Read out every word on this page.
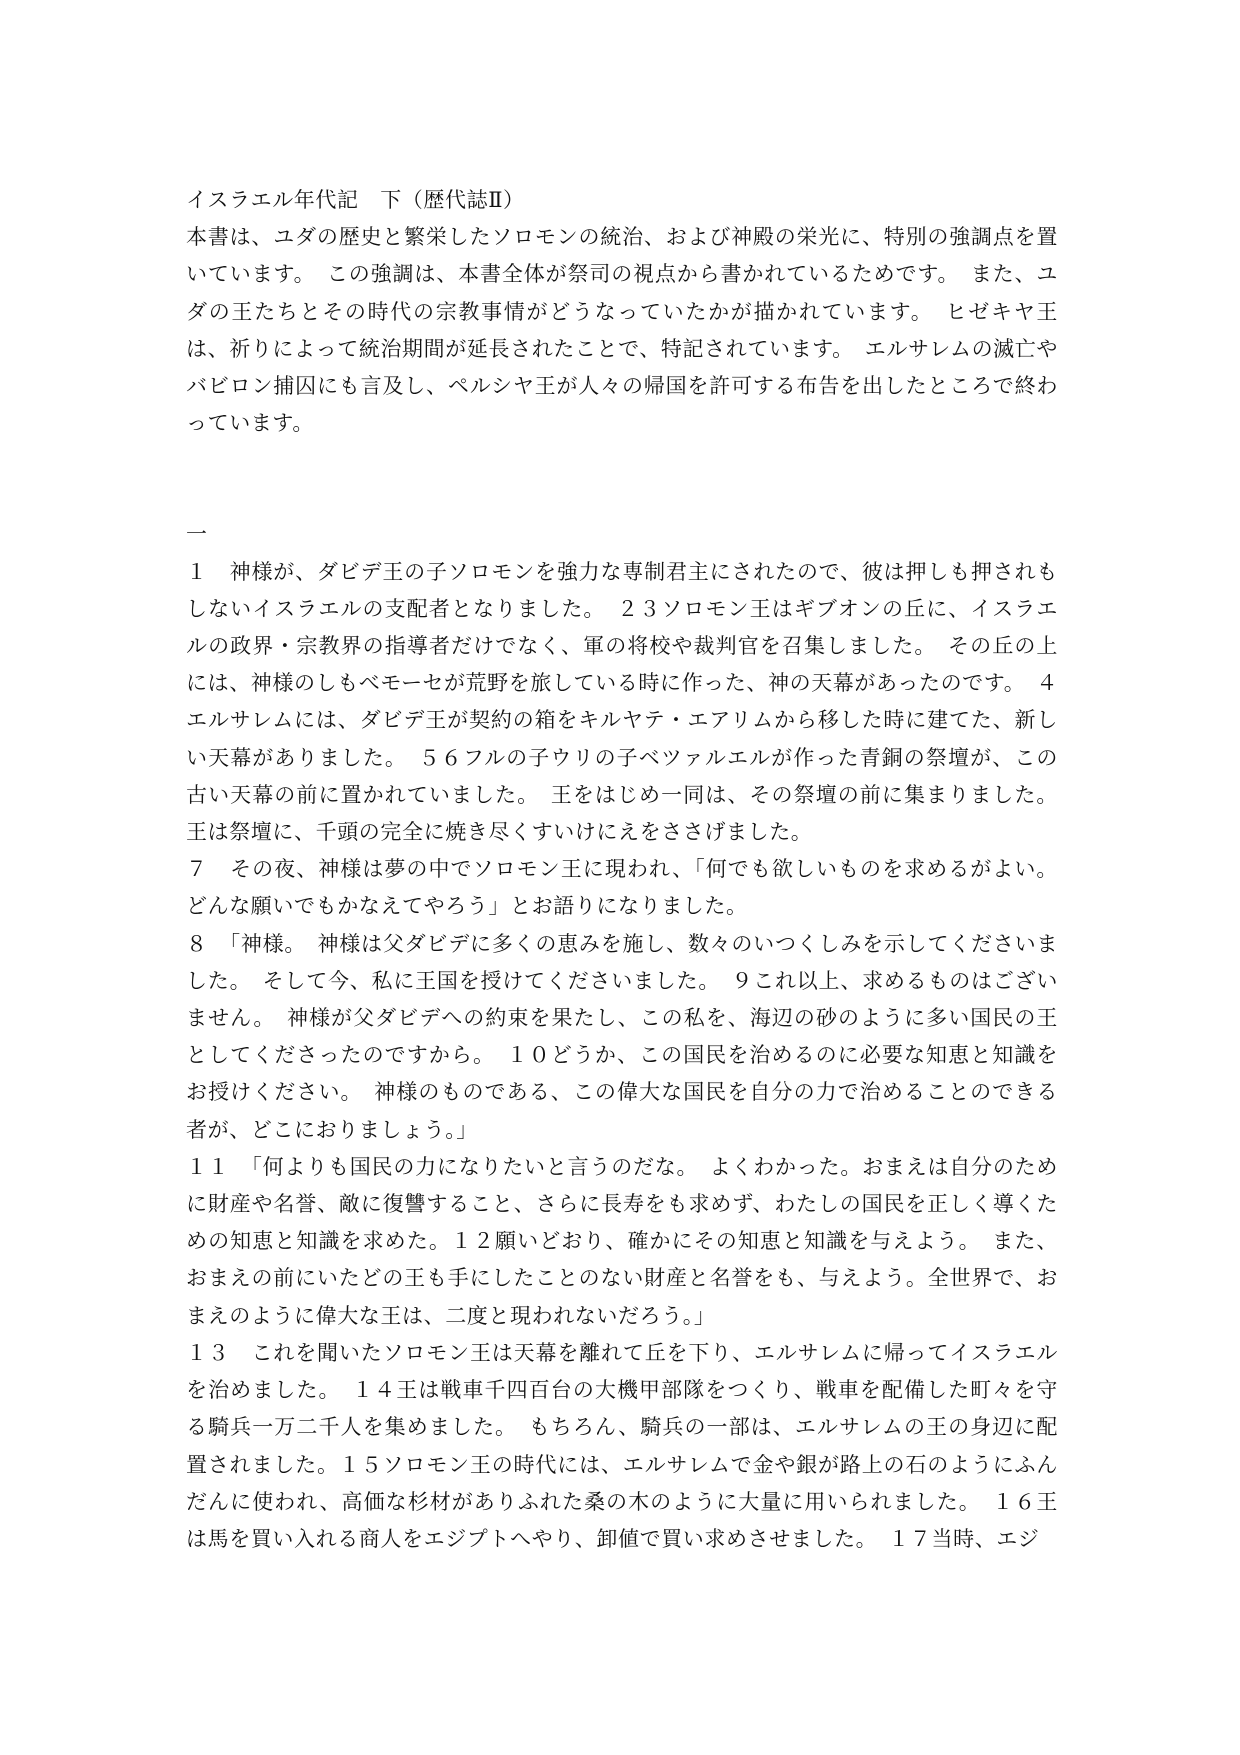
イスラエル年代記　下（歴代誌Ⅱ）

本書は、ユダの歴史と繁栄したソロモンの統治、および神殿の栄光に、特別の強調点を置いています。　この強調は、本書全体が祭司の視点から書かれているためです。　また、ユダの王たちとその時代の宗教事情がどうなっていたかが描かれています。　ヒゼキヤ王は、祈りによって統治期間が延長されたことで、特記されています。　エルサレムの滅亡やバビロン捕囚にも言及し、ペルシヤ王が人々の帰国を許可する布告を出したところで終わっています。

一

１　神様が、ダビデ王の子ソロモンを強力な専制君主にされたので、彼は押しも押されもしないイスラエルの支配者となりました。　２３ソロモン王はギブオンの丘に、イスラエルの政界・宗教界の指導者だけでなく、軍の将校や裁判官を召集しました。　その丘の上には、神様のしもべモーセが荒野を旅している時に作った、神の天幕があったのです。　４エルサレムには、ダビデ王が契約の箱をキルヤテ・エアリムから移した時に建てた、新しい天幕がありました。　５６フルの子ウリの子ベツァルエルが作った青銅の祭壇が、この古い天幕の前に置かれていました。　王をはじめ一同は、その祭壇の前に集まりました。王は祭壇に、千頭の完全に焼き尽くすいけにえをささげました。

７　その夜、神様は夢の中でソロモン王に現われ、「何でも欲しいものを求めるがよい。どんな願いでもかなえてやろう」とお語りになりました。

８　「神様。　神様は父ダビデに多くの恵みを施し、数々のいつくしみを示してくださいました。　そして今、私に王国を授けてくださいました。　９これ以上、求めるものはございません。　神様が父ダビデへの約束を果たし、この私を、海辺の砂のように多い国民の王としてくださったのですから。　１０どうか、この国民を治めるのに必要な知恵と知識をお授けください。　神様のものである、この偉大な国民を自分の力で治めることのできる者が、どこにおりましょう。」

１１　「何よりも国民の力になりたいと言うのだな。　よくわかった。おまえは自分のために財産や名誉、敵に復讐すること、さらに長寿をも求めず、わたしの国民を正しく導くための知恵と知識を求めた。１２願いどおり、確かにその知恵と知識を与えよう。　また、おまえの前にいたどの王も手にしたことのない財産と名誉をも、与えよう。全世界で、おまえのように偉大な王は、二度と現われないだろう。」

１３　これを聞いたソロモン王は天幕を離れて丘を下り、エルサレムに帰ってイスラエルを治めました。　１４王は戦車千四百台の大機甲部隊をつくり、戦車を配備した町々を守る騎兵一万二千人を集めました。　もちろん、騎兵の一部は、エルサレムの王の身辺に配置されました。１５ソロモン王の時代には、エルサレムで金や銀が路上の石のようにふんだんに使われ、高価な杉材がありふれた桑の木のように大量に用いられました。　１６王は馬を買い入れる商人をエジプトへやり、卸値で買い求めさせました。　１７当時、エジ
